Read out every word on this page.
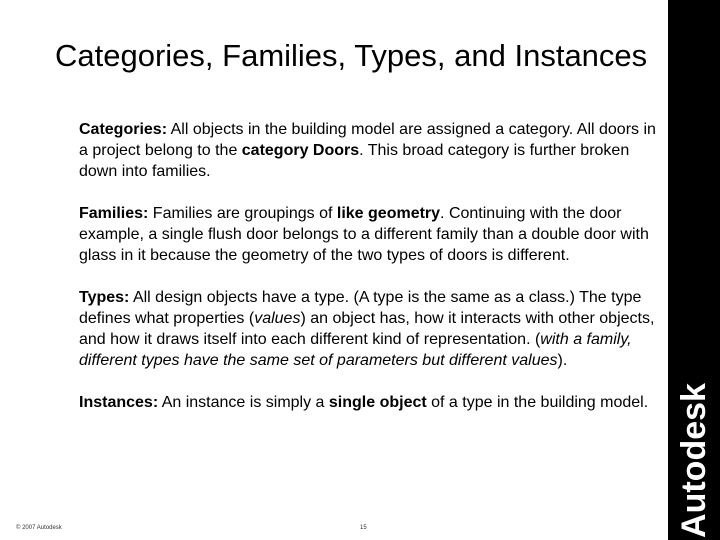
Categories, Families, Types, and Instances

Categories: All objects in the building model are assigned a category. All doors in a project belong to the category Doors. This broad category is further broken down into families.

Families: Families are groupings of like geometry. Continuing with the door example, a single flush door belongs to a different family than a double door with glass in it because the geometry of the two types of doors is different.

Types: All design objects have a type. (A type is the same as a class.) The type defines what properties (values) an object has, how it interacts with other objects, and how it draws itself into each different kind of representation. (with a family, different types have the same set of parameters but different values).

Instances: An instance is simply a single object of a type in the building model. Autodesk
© 2007 Autodesk	15
